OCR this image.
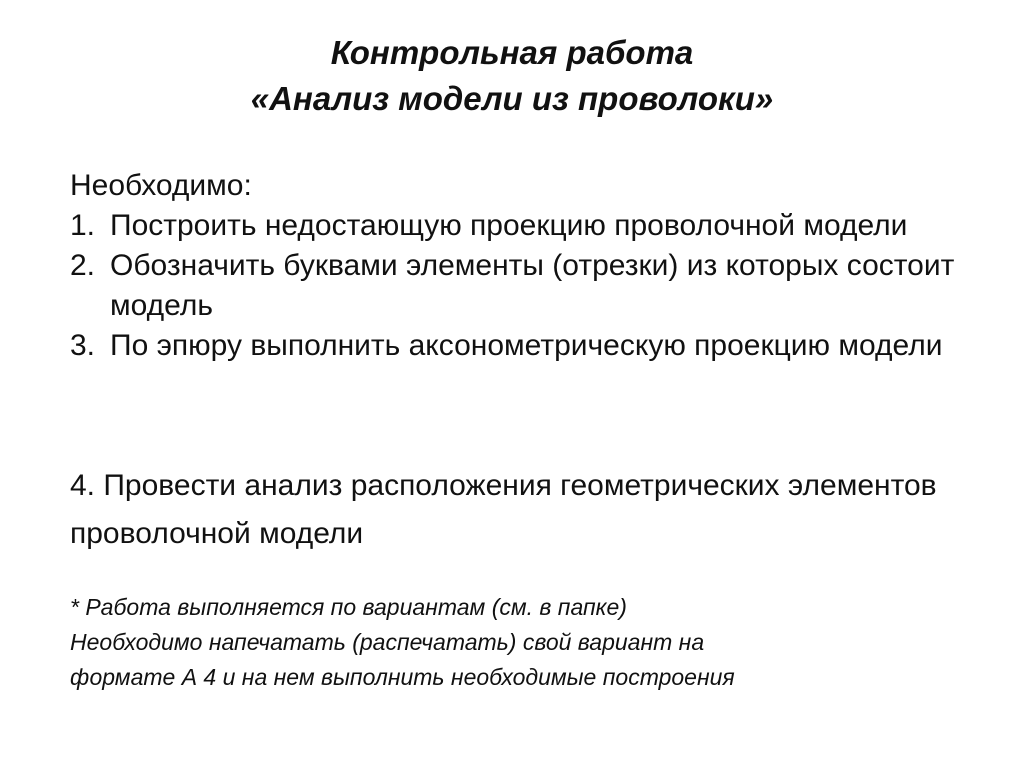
Контрольная работа
«Анализ модели из проволоки»
Необходимо:
1. Построить недостающую проекцию проволочной модели
2. Обозначить буквами элементы (отрезки) из которых состоит модель
3. По эпюру выполнить аксонометрическую проекцию модели
4. Провести анализ расположения геометрических элементов проволочной модели
* Работа выполняется по вариантам (см. в папке)
Необходимо напечатать (распечатать) свой вариант на
формате А 4 и на нем выполнить необходимые построения
